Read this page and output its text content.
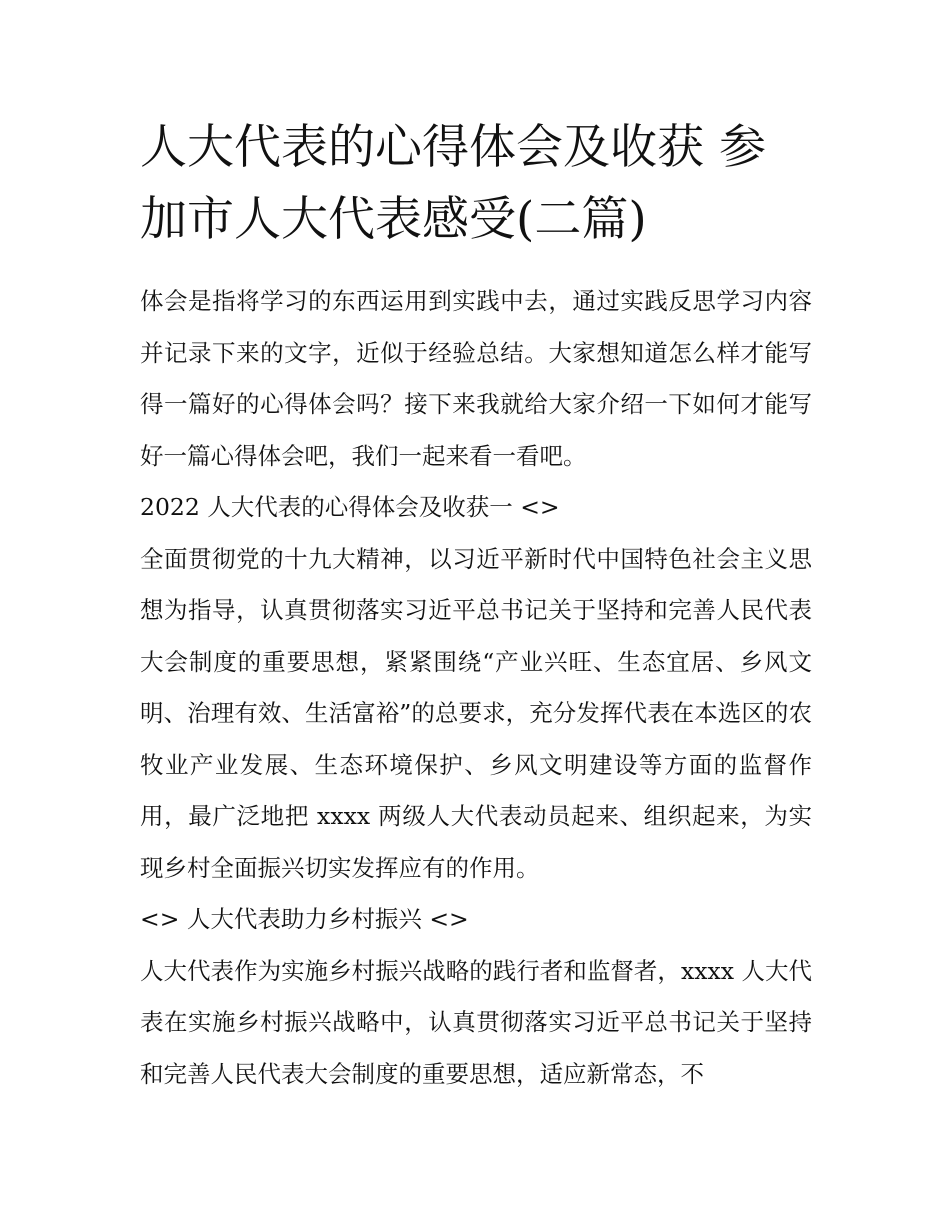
人大代表的心得体会及收获 参加市人大代表感受(二篇)

体会是指将学习的东西运用到实践中去，通过实践反思学习内容并记录下来的文字，近似于经验总结。大家想知道怎么样才能写得一篇好的心得体会吗？接下来我就给大家介绍一下如何才能写好一篇心得体会吧，我们一起来看一看吧。

2022 人大代表的心得体会及收获一 <>

全面贯彻党的十九大精神，以习近平新时代中国特色社会主义思想为指导，认真贯彻落实习近平总书记关于坚持和完善人民代表大会制度的重要思想，紧紧围绕“产业兴旺、生态宜居、乡风文明、治理有效、生活富裕”的总要求，充分发挥代表在本选区的农牧业产业发展、生态环境保护、乡风文明建设等方面的监督作用，最广泛地把 xxxx 两级人大代表动员起来、组织起来，为实现乡村全面振兴切实发挥应有的作用。

<> 人大代表助力乡村振兴 <>

人大代表作为实施乡村振兴战略的践行者和监督者，xxxx 人大代表在实施乡村振兴战略中，认真贯彻落实习近平总书记关于坚持和完善人民代表大会制度的重要思想，适应新常态，不
